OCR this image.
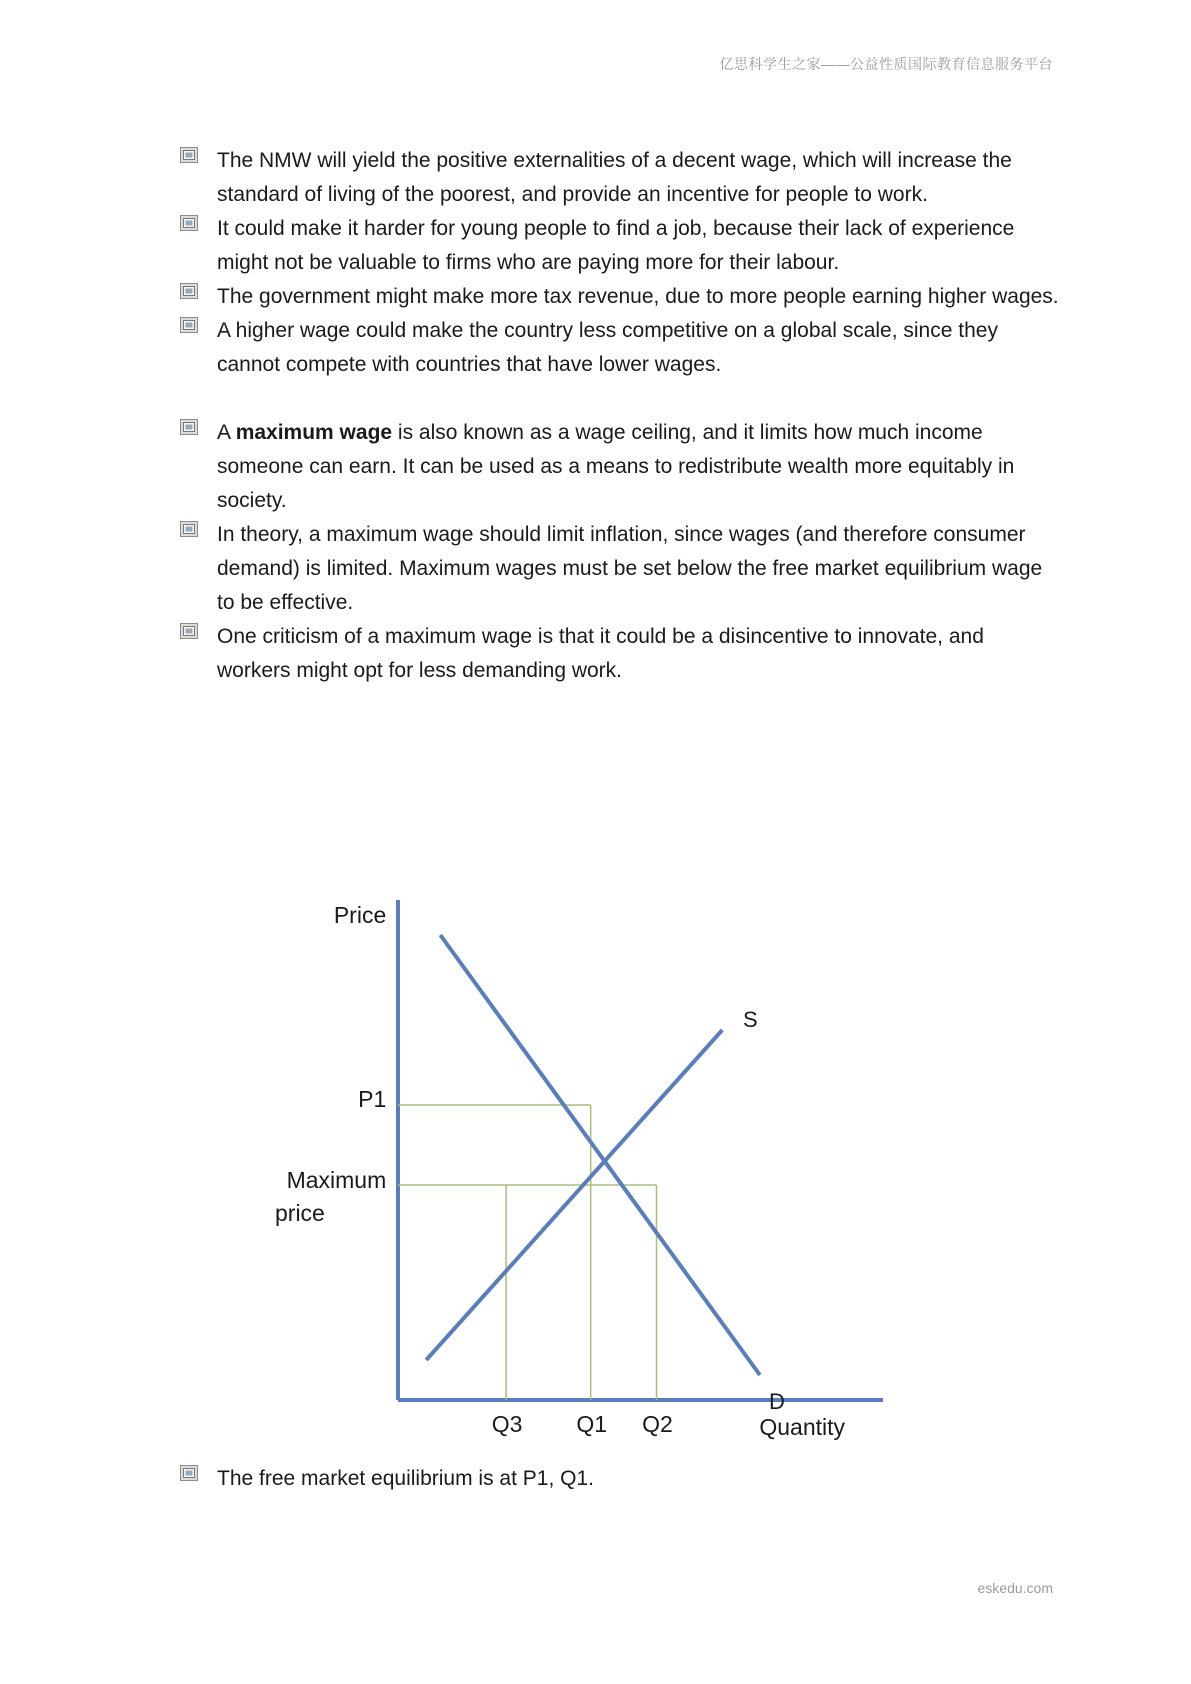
亿思科学生之家——公益性质国际教育信息服务平台
The NMW will yield the positive externalities of a decent wage, which will increase the standard of living of the poorest, and provide an incentive for people to work.
It could make it harder for young people to find a job, because their lack of experience might not be valuable to firms who are paying more for their labour.
The government might make more tax revenue, due to more people earning higher wages.
A higher wage could make the country less competitive on a global scale, since they cannot compete with countries that have lower wages.
A maximum wage is also known as a wage ceiling, and it limits how much income someone can earn. It can be used as a means to redistribute wealth more equitably in society.
In theory, a maximum wage should limit inflation, since wages (and therefore consumer demand) is limited. Maximum wages must be set below the free market equilibrium wage to be effective.
One criticism of a maximum wage is that it could be a disincentive to innovate, and workers might opt for less demanding work.
Price
Quantity
S
D
P1
Maximum
price
Q3 Q1 Q2
The free market equilibrium is at P1, Q1.
eskedu.com
